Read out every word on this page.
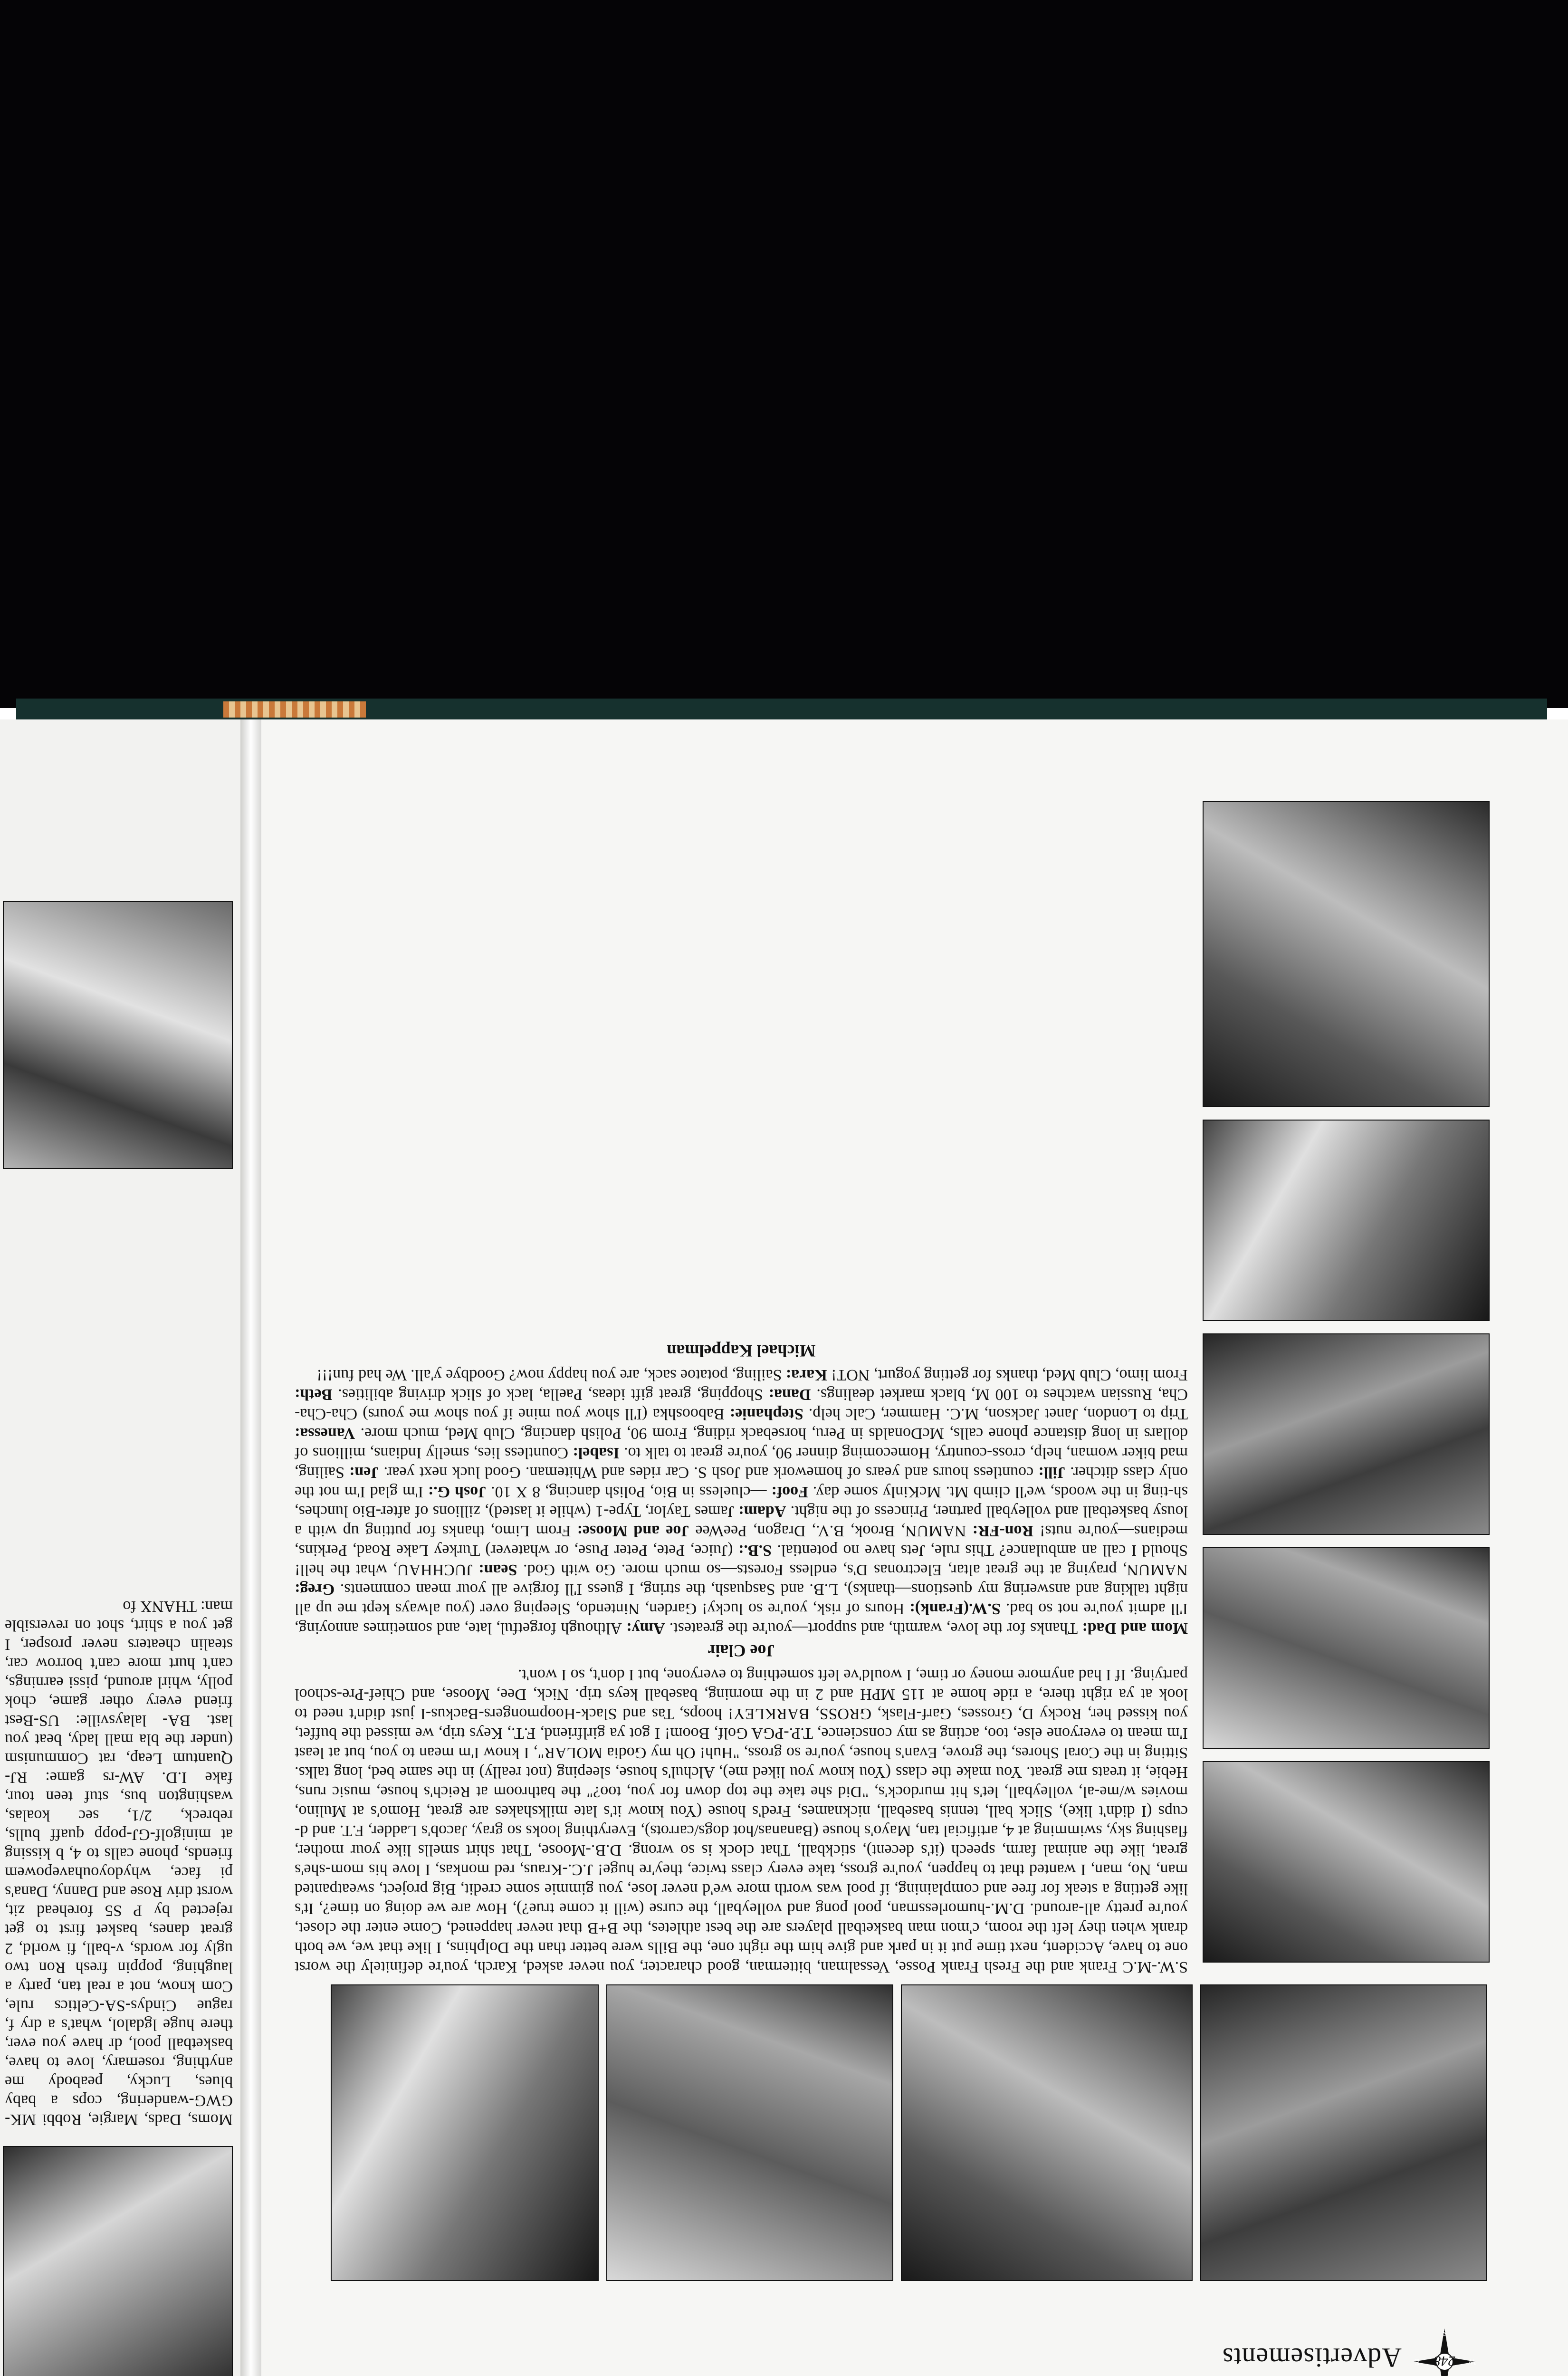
E
S
W
248
Advertisements

S.W.-M.C Frank and the Fresh Frank Posse, Vessalman, bitterman, good character, you never asked, Karch, you're definitely the worst one to have, Accident, next time put it in park and give him the right one, the Bills were better than the Dolphins, I like that we, we both drank when they left the room, c'mon man basketball players are the best athletes, the B+B that never happened, Come enter the closet, you're pretty all-around. D.M.-humorlessman, pool pong and volleyball, the curse (will it come true?), How are we doing on time?, It's like getting a steak for free and complaining, if pool was worth more we'd never lose, you gimmie some credit, Big project, sweatpanted man, No, man, I wanted that to happen, you're gross, take every class twice, they're huge! J.C.-Kraus, red monkas, I love his mom-she's great, like the animal farm, speech (it's decent), stickball, That clock is so wrong. D.B.-Moose, That shirt smells like your mother, flashing sky, swimming at 4, artificial tan, Mayo's house (Bananas/hot dogs/carrots), Everything looks so gray, Jacob's Ladder, F.T. and d-cups (I didn't like), Slick ball, tennis baseball, nicknames, Fred's house (You know it's late milkshakes are great, Homo's at Mulino, movies w/me-al, volleyball, let's hit murdock's, "Did she take the top down for you, too?" the bathroom at Reich's house, music runs, Hebie, it treats me great. You make the class (You know you liked me), Alchul's house, sleeping (not really) in the same bed, long talks. Sitting in the Coral Shores, the grove, Evan's house, you're so gross, "Huh! Oh my Godia MOLAR", I know I'm mean to you, but at least I'm mean to everyone else, too, acting as my conscience, T.P.-PGA Golf, Boom! I got ya girlfriend, F.T., Keys trip, we missed the buffet, you kissed her, Rocky D, Grosses, Garf-Flask, GROSS, BARKLEY! hoops, Tas and Slack-Hoopmongers-Backus-I just didn't need to look at ya right there, a ride home at 115 MPH and 2 in the morning, baseball keys trip. Nick, Dee, Moose, and Chief-Pre-school partying. If I had anymore money or time, I would've left something to everyone, but I don't, so I won't.

Joe Clair

Mom and Dad: Thanks for the love, warmth, and support—you're the greatest. Amy: Although forgetful, late, and sometimes annoying, I'll admit you're not so bad. S.W.(Frank): Hours of risk, you're so lucky! Garden, Nintendo, Sleeping over (you always kept me up all night talking and answering my questions—thanks), L.B. and Sasquash, the string, I guess I'll forgive all your mean comments. Greg: NAMUN, praying at the great altar, Electronas D's, endless Forests—so much more. Go with God. Sean: JUCHHAU, what the hell! Should I call an ambulance? This rule, Jets have no potential. S.B.: (Juice, Pete, Peter Puse, or whatever) Turkey Lake Road, Perkins, medians—you're nuts! Ron-FR: NAMUN, Brook, B.V., Dragon, PeeWee Joe and Moose: From Limo, thanks for putting up with a lousy basketball and volleyball partner, Princess of the night. Adam: James Taylor, Type-1 (while it lasted), zillions of after-Bio lunches, sh-ting in the woods, we'll climb Mt. McKinly some day. Foof: —clueless in Bio, Polish dancing, 8 X 10. Josh G.: I'm glad I'm not the only class ditcher. Jill: countless hours and years of homework and Josh S. Car rides and Whiteman. Good luck next year. Jen: Sailing, mad biker woman, help, cross-country, Homecoming dinner 90, you're great to talk to. Isabel: Countless lies, smelly Indians, millions of dollars in long distance phone calls, McDonalds in Peru, horseback riding, From 90, Polish dancing, Club Med, much more. Vanessa: Trip to London, Janet Jackson, M.C. Hammer, Calc help. Stephanie: Babooshka (I'll show you mine if you show me yours) Cha-Cha-Cha, Russian watches to 100 M, black market dealings. Dana: Shopping, great gift ideas, Paella, lack of slick driving abilities. Beth: From limo, Club Med, thanks for getting yogurt, NOT! Kara: Sailing, potatoe sack, are you happy now? Goodbye y'all. We had fun!!!

Michael Kappelman
Moms, Dads, Margie, Robbi MK-GWG-wandering, cops a baby blues, Lucky, peabody me anything, rosemary, love to have, basketball pool, dr have you ever, there huge lgdalol, what's a dry f, rague Cindys-SA-Celtics rule, Com know, not a real tan, party a laughing, poppin fresh Ron two ugly for words, v-ball, fi world, 2 great danes, basket first to get rejected by P S5 forehead zit, worst driv Rose and Danny, Dana's pi face, whydoyouhavepowem friends, phone calls to 4, b kissing at minigolf-GJ-popp quaff bulls, rebreck, 2/1, sec koalas, washington bus, stuf teen tour, fake I.D. AW-rs game: RJ-Quantum Leap, rat Communism (under the bla mall lady, beat you last. BA- lalaysville: US-Best friend every other game, chok polly, whirl around, pissi earnings, can't hurt more can't borrow car, stealin cheaters never prosper, I get you a shirt, shot on reversible man: THANX fo
